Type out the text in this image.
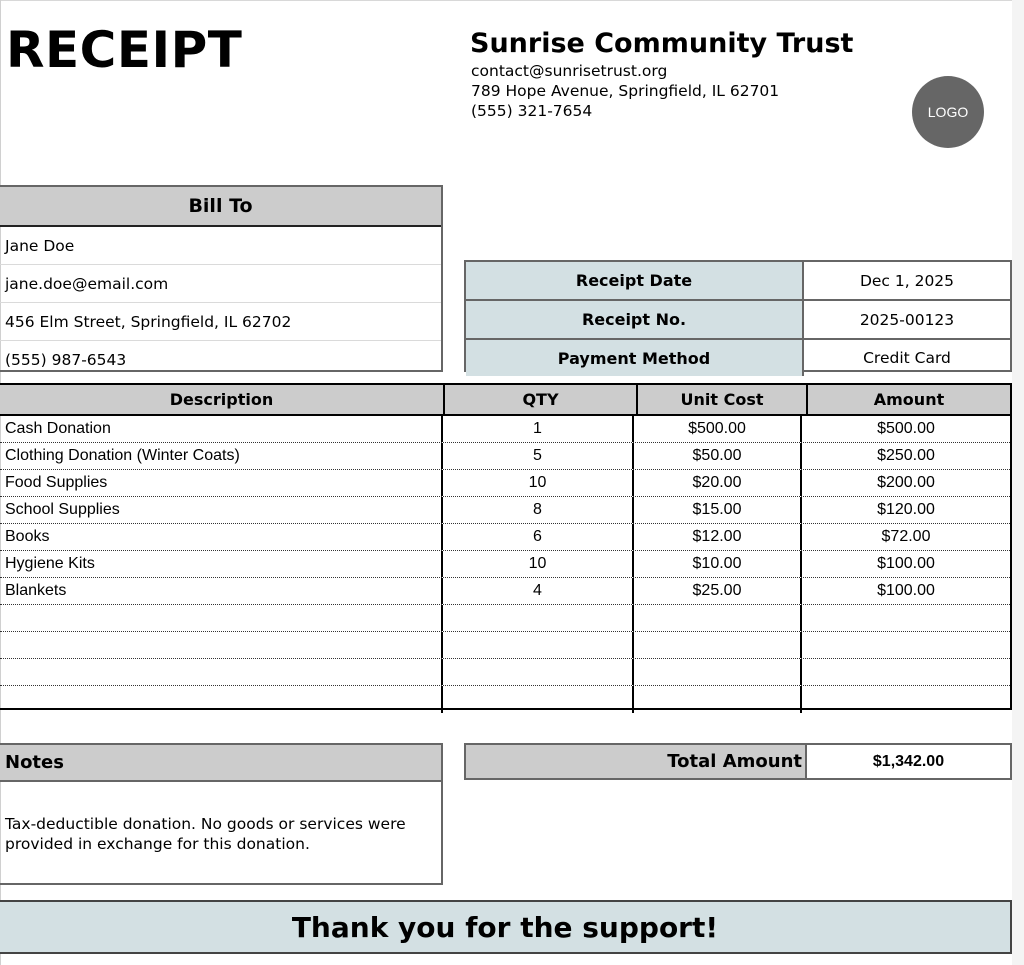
RECEIPT	Sunrise Community Trust
contact@sunrisetrust.org
789 Hope Avenue, Springfield, IL 62701
(555) 321-7654	LOGO
Bill To
Jane Doe
jane.doe@email.com
456 Elm Street, Springfield, IL 62702
(555) 987-6543
Receipt Date	Dec 1, 2025
Receipt No.	2025-00123
Payment Method	Credit Card
Description	QTY	Unit Cost	Amount
Cash Donation	1	$500.00	$500.00
Clothing Donation (Winter Coats)	5	$50.00	$250.00
Food Supplies	10	$20.00	$200.00
School Supplies	8	$15.00	$120.00
Books	6	$12.00	$72.00
Hygiene Kits	10	$10.00	$100.00
Blankets	4	$25.00	$100.00
Notes
Tax-deductible donation. No goods or services were provided in exchange for this donation.
Total Amount	$1,342.00
Thank you for the support!
